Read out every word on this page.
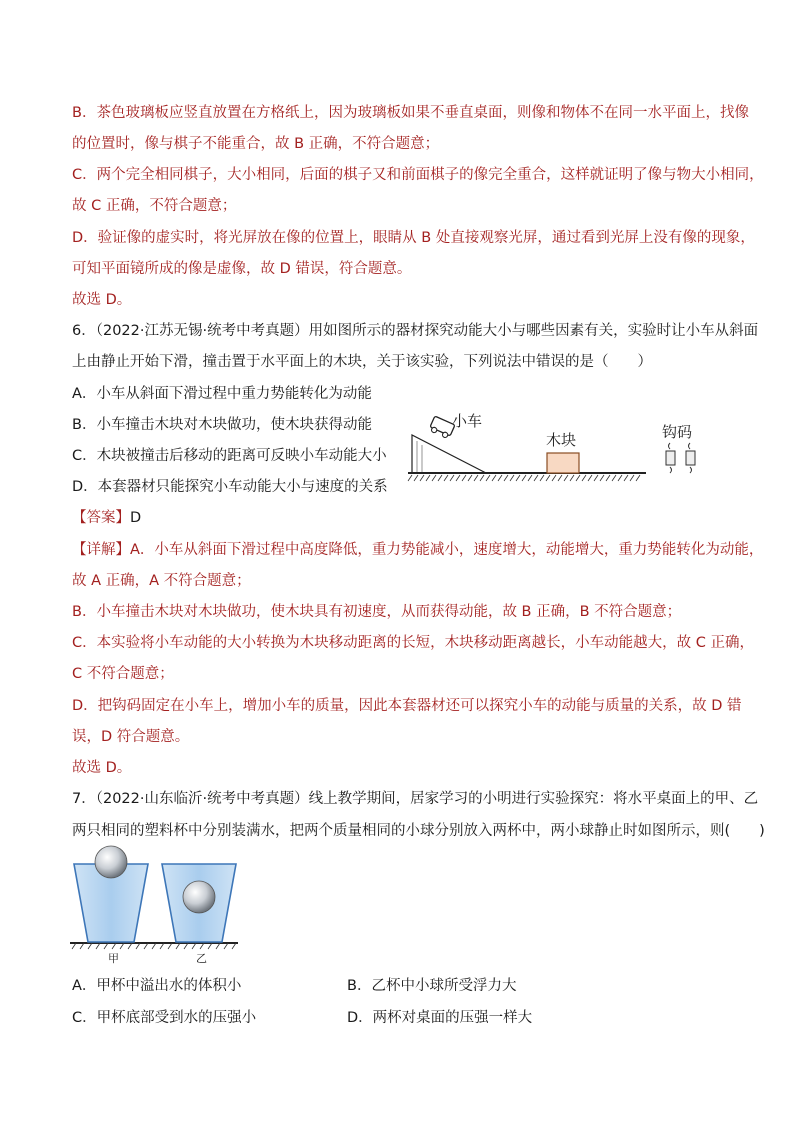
B．茶色玻璃板应竖直放置在方格纸上，因为玻璃板如果不垂直桌面，则像和物体不在同一水平面上，找像
的位置时，像与棋子不能重合，故 B 正确，不符合题意；
C．两个完全相同棋子，大小相同，后面的棋子又和前面棋子的像完全重合，这样就证明了像与物大小相同，
故 C 正确，不符合题意；
D．验证像的虚实时，将光屏放在像的位置上，眼睛从 B 处直接观察光屏，通过看到光屏上没有像的现象，
可知平面镜所成的像是虚像，故 D 错误，符合题意。
故选 D。
6．（2022·江苏无锡·统考中考真题）用如图所示的器材探究动能大小与哪些因素有关，实验时让小车从斜面
上由静止开始下滑，撞击置于水平面上的木块，关于该实验，下列说法中错误的是（　　）
A．小车从斜面下滑过程中重力势能转化为动能
B．小车撞击木块对木块做功，使木块获得动能
C．木块被撞击后移动的距离可反映小车动能大小
D．本套器材只能探究小车动能大小与速度的关系
小车
木块	钩码
【答案】D
【详解】A．小车从斜面下滑过程中高度降低，重力势能减小，速度增大，动能增大，重力势能转化为动能，
故 A 正确，A 不符合题意；
B．小车撞击木块对木块做功，使木块具有初速度，从而获得动能，故 B 正确，B 不符合题意；
C．本实验将小车动能的大小转换为木块移动距离的长短，木块移动距离越长，小车动能越大，故 C 正确，
C 不符合题意；
D．把钩码固定在小车上，增加小车的质量，因此本套器材还可以探究小车的动能与质量的关系，故 D 错
误，D 符合题意。
故选 D。
7．（2022·山东临沂·统考中考真题）线上教学期间，居家学习的小明进行实验探究：将水平桌面上的甲、乙
两只相同的塑料杯中分别装满水，把两个质量相同的小球分别放入两杯中，两小球静止时如图所示，则(　　)
甲	乙
A．甲杯中溢出水的体积小	B．乙杯中小球所受浮力大
C．甲杯底部受到水的压强小	D．两杯对桌面的压强一样大
